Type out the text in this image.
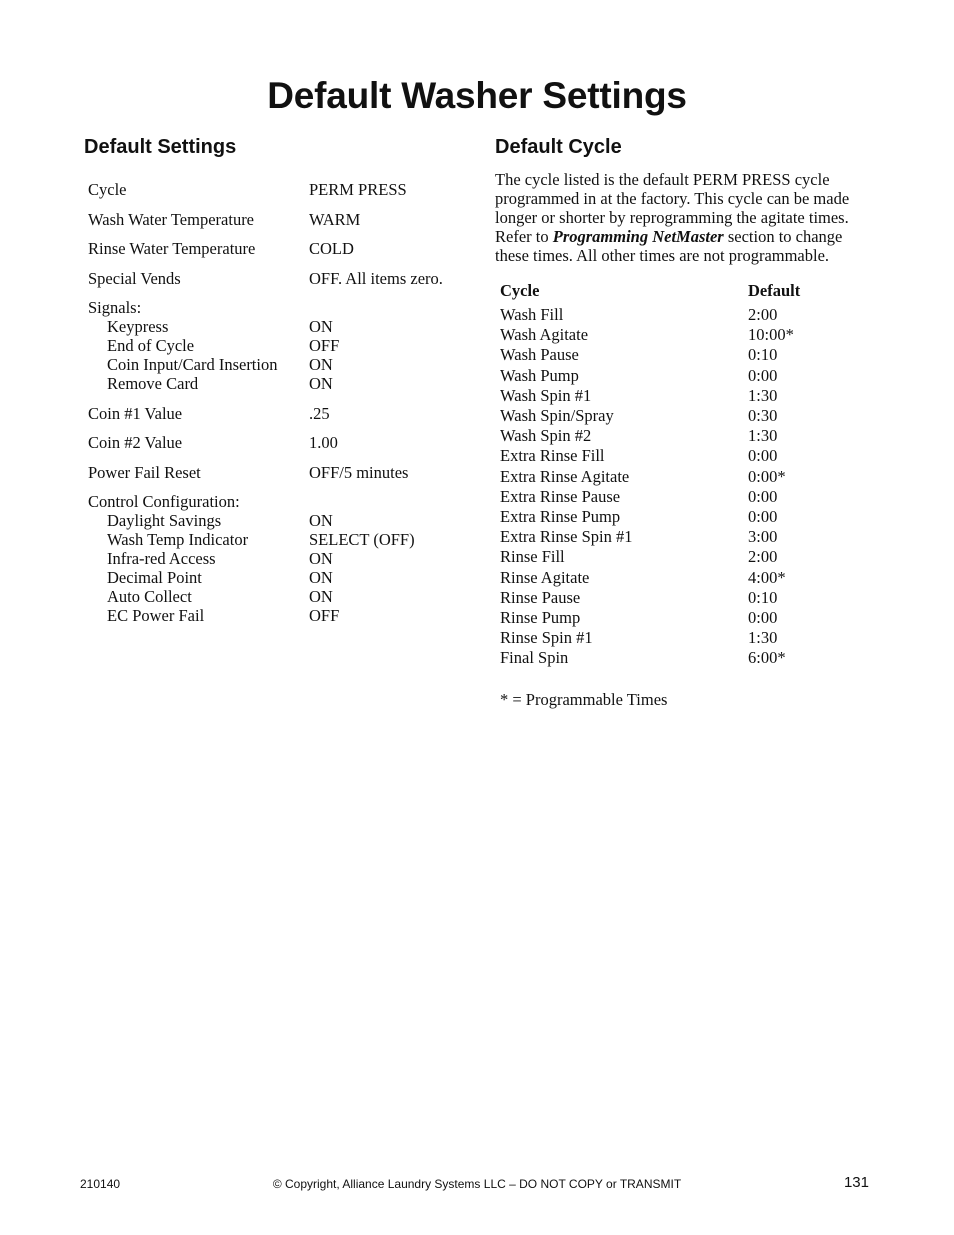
Default Washer Settings
Default Settings	Default Cycle
Cycle	PERM PRESS
Wash Water Temperature	WARM
Rinse Water Temperature	COLD
Special Vends	OFF. All items zero.
Signals:
Keypress	ON
End of Cycle	OFF
Coin Input/Card Insertion	ON
Remove Card	ON
Coin #1 Value	.25
Coin #2 Value	1.00
Power Fail Reset	OFF/5 minutes
Control Configuration:
Daylight Savings	ON
Wash Temp Indicator	SELECT (OFF)
Infra-red Access	ON
Decimal Point	ON
Auto Collect	ON
EC Power Fail	OFF

The cycle listed is the default PERM PRESS cycle programmed in at the factory. This cycle can be made longer or shorter by reprogramming the agitate times. Refer to Programming NetMaster section to change these times. All other times are not programmable.

Cycle	Default
Wash Fill	2:00
Wash Agitate	10:00*
Wash Pause	0:10
Wash Pump	0:00
Wash Spin #1	1:30
Wash Spin/Spray	0:30
Wash Spin #2	1:30
Extra Rinse Fill	0:00
Extra Rinse Agitate	0:00*
Extra Rinse Pause	0:00
Extra Rinse Pump	0:00
Extra Rinse Spin #1	3:00
Rinse Fill	2:00
Rinse Agitate	4:00*
Rinse Pause	0:10
Rinse Pump	0:00
Rinse Spin #1	1:30
Final Spin	6:00*
* = Programmable Times
210140	© Copyright, Alliance Laundry Systems LLC – DO NOT COPY or TRANSMIT	131
